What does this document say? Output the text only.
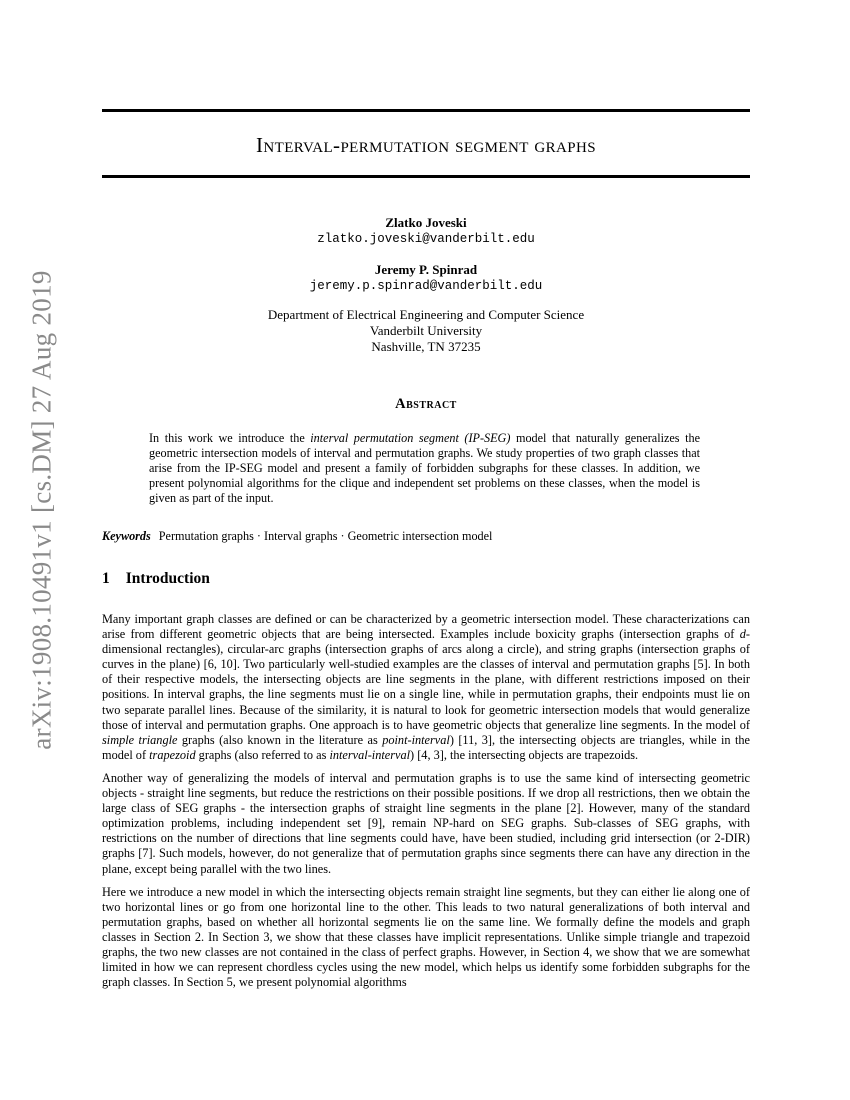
arXiv:1908.10491v1 [cs.DM] 27 Aug 2019
Interval-permutation segment graphs
Zlatko Joveski
zlatko.joveski@vanderbilt.edu
Jeremy P. Spinrad
jeremy.p.spinrad@vanderbilt.edu
Department of Electrical Engineering and Computer Science
Vanderbilt University
Nashville, TN 37235
Abstract
In this work we introduce the interval permutation segment (IP-SEG) model that naturally generalizes the geometric intersection models of interval and permutation graphs. We study properties of two graph classes that arise from the IP-SEG model and present a family of forbidden subgraphs for these classes. In addition, we present polynomial algorithms for the clique and independent set problems on these classes, when the model is given as part of the input.
Keywords Permutation graphs · Interval graphs · Geometric intersection model
1 Introduction

Many important graph classes are defined or can be characterized by a geometric intersection model. These characterizations can arise from different geometric objects that are being intersected. Examples include boxicity graphs (intersection graphs of d-dimensional rectangles), circular-arc graphs (intersection graphs of arcs along a circle), and string graphs (intersection graphs of curves in the plane) [6, 10]. Two particularly well-studied examples are the classes of interval and permutation graphs [5]. In both of their respective models, the intersecting objects are line segments in the plane, with different restrictions imposed on their positions. In interval graphs, the line segments must lie on a single line, while in permutation graphs, their endpoints must lie on two separate parallel lines. Because of the similarity, it is natural to look for geometric intersection models that would generalize those of interval and permutation graphs. One approach is to have geometric objects that generalize line segments. In the model of simple triangle graphs (also known in the literature as point-interval) [11, 3], the intersecting objects are triangles, while in the model of trapezoid graphs (also referred to as interval-interval) [4, 3], the intersecting objects are trapezoids.

Another way of generalizing the models of interval and permutation graphs is to use the same kind of intersecting geometric objects - straight line segments, but reduce the restrictions on their possible positions. If we drop all restrictions, then we obtain the large class of SEG graphs - the intersection graphs of straight line segments in the plane [2]. However, many of the standard optimization problems, including independent set [9], remain NP-hard on SEG graphs. Sub-classes of SEG graphs, with restrictions on the number of directions that line segments could have, have been studied, including grid intersection (or 2-DIR) graphs [7]. Such models, however, do not generalize that of permutation graphs since segments there can have any direction in the plane, except being parallel with the two lines.

Here we introduce a new model in which the intersecting objects remain straight line segments, but they can either lie along one of two horizontal lines or go from one horizontal line to the other. This leads to two natural generalizations of both interval and permutation graphs, based on whether all horizontal segments lie on the same line. We formally define the models and graph classes in Section 2. In Section 3, we show that these classes have implicit representations. Unlike simple triangle and trapezoid graphs, the two new classes are not contained in the class of perfect graphs. However, in Section 4, we show that we are somewhat limited in how we can represent chordless cycles using the new model, which helps us identify some forbidden subgraphs for the graph classes. In Section 5, we present polynomial algorithms
